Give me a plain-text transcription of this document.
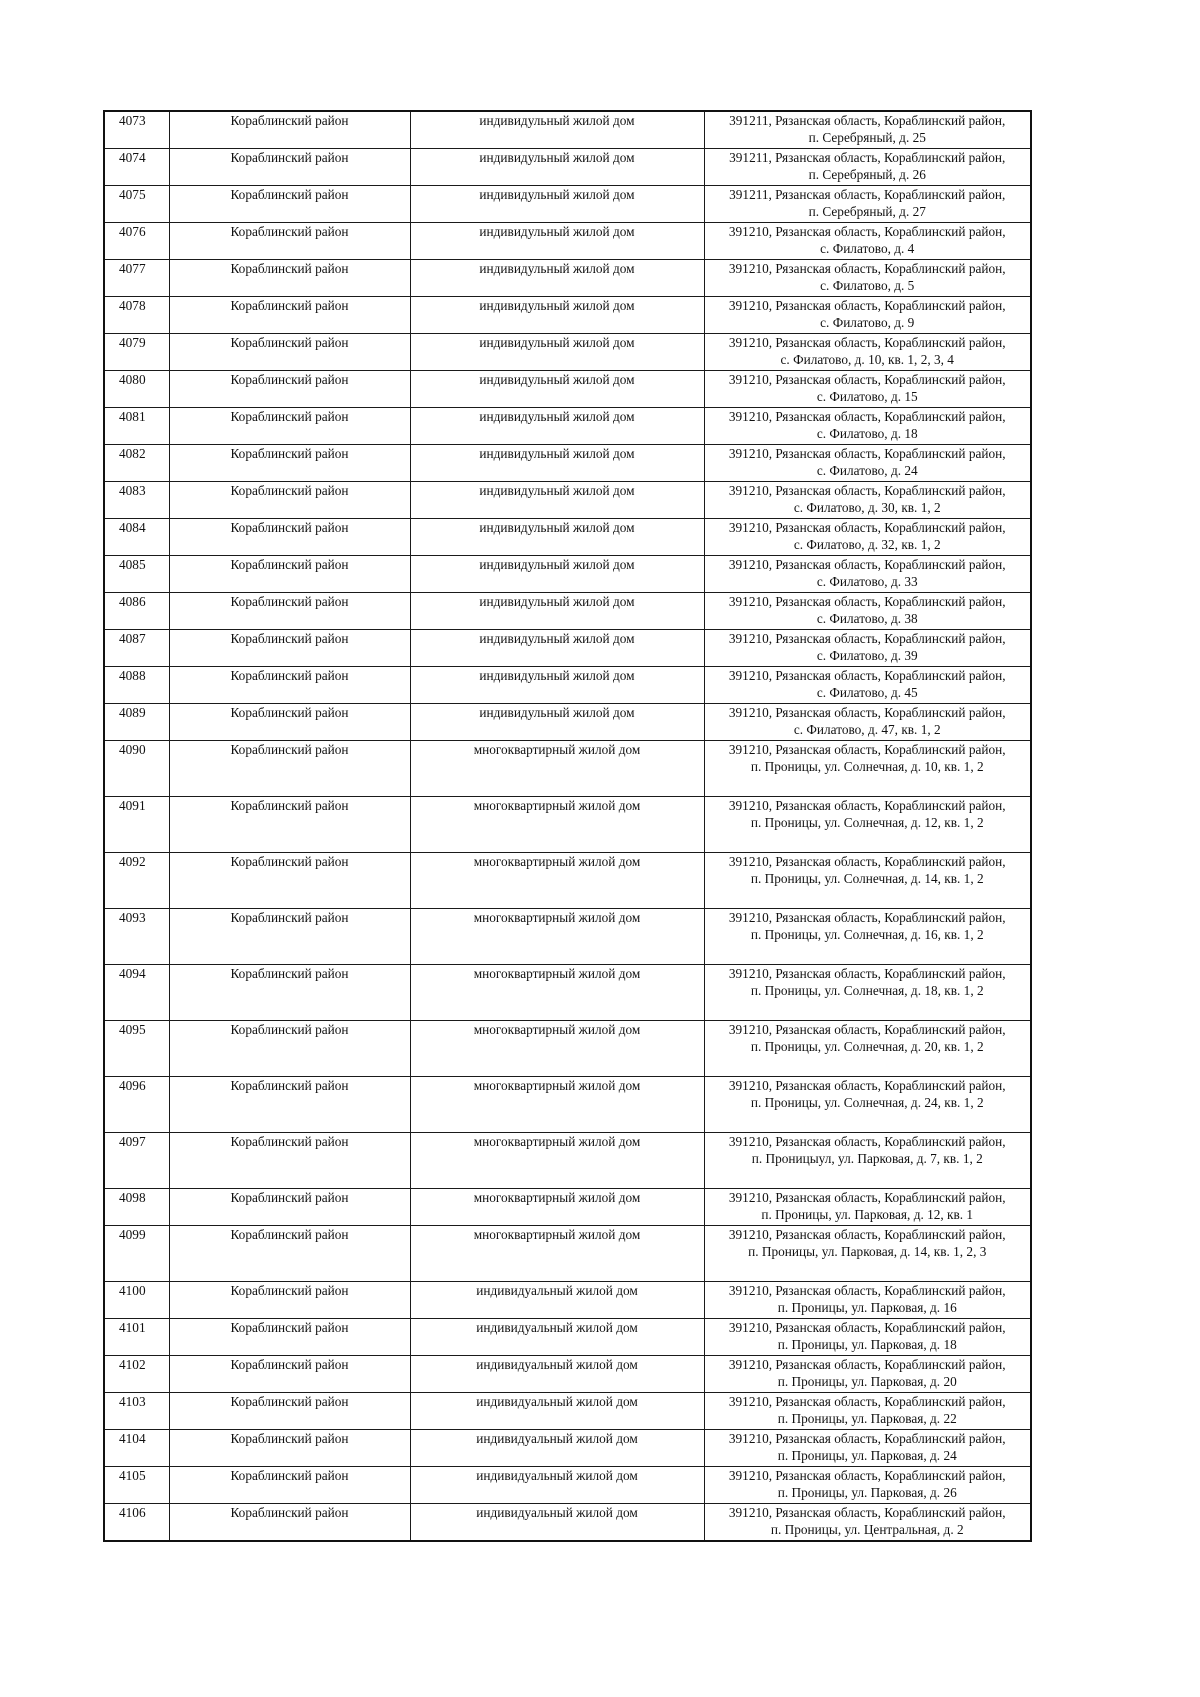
4073	Кораблинский район	индивидульный жилой дом	391211, Рязанская область, Кораблинский район,
п. Серебряный, д. 25

4074	Кораблинский район	индивидульный жилой дом	391211, Рязанская область, Кораблинский район,
п. Серебряный, д. 26

4075	Кораблинский район	индивидульный жилой дом	391211, Рязанская область, Кораблинский район,
п. Серебряный, д. 27

4076	Кораблинский район	индивидульный жилой дом	391210, Рязанская область, Кораблинский район,
с. Филатово, д. 4

4077	Кораблинский район	индивидульный жилой дом	391210, Рязанская область, Кораблинский район,
с. Филатово, д. 5

4078	Кораблинский район	индивидульный жилой дом	391210, Рязанская область, Кораблинский район,
с. Филатово, д. 9

4079	Кораблинский район	индивидульный жилой дом	391210, Рязанская область, Кораблинский район,
с. Филатово, д. 10, кв. 1, 2, 3, 4

4080	Кораблинский район	индивидульный жилой дом	391210, Рязанская область, Кораблинский район,
с. Филатово, д. 15

4081	Кораблинский район	индивидульный жилой дом	391210, Рязанская область, Кораблинский район,
с. Филатово, д. 18

4082	Кораблинский район	индивидульный жилой дом	391210, Рязанская область, Кораблинский район,
с. Филатово, д. 24

4083	Кораблинский район	индивидульный жилой дом	391210, Рязанская область, Кораблинский район,
с. Филатово, д. 30, кв. 1, 2

4084	Кораблинский район	индивидульный жилой дом	391210, Рязанская область, Кораблинский район,
с. Филатово, д. 32, кв. 1, 2

4085	Кораблинский район	индивидульный жилой дом	391210, Рязанская область, Кораблинский район,
с. Филатово, д. 33

4086	Кораблинский район	индивидульный жилой дом	391210, Рязанская область, Кораблинский район,
с. Филатово, д. 38

4087	Кораблинский район	индивидульный жилой дом	391210, Рязанская область, Кораблинский район,
с. Филатово, д. 39

4088	Кораблинский район	индивидульный жилой дом	391210, Рязанская область, Кораблинский район,
с. Филатово, д. 45

4089	Кораблинский район	индивидульный жилой дом	391210, Рязанская область, Кораблинский район,
с. Филатово, д. 47, кв. 1, 2

4090	Кораблинский район	многоквартирный жилой дом	391210, Рязанская область, Кораблинский район,
п. Проницы, ул. Солнечная, д. 10, кв. 1, 2

4091	Кораблинский район	многоквартирный жилой дом	391210, Рязанская область, Кораблинский район,
п. Проницы, ул. Солнечная, д. 12, кв. 1, 2

4092	Кораблинский район	многоквартирный жилой дом	391210, Рязанская область, Кораблинский район,
п. Проницы, ул. Солнечная, д. 14, кв. 1, 2

4093	Кораблинский район	многоквартирный жилой дом	391210, Рязанская область, Кораблинский район,
п. Проницы, ул. Солнечная, д. 16, кв. 1, 2

4094	Кораблинский район	многоквартирный жилой дом	391210, Рязанская область, Кораблинский район,
п. Проницы, ул. Солнечная, д. 18, кв. 1, 2

4095	Кораблинский район	многоквартирный жилой дом	391210, Рязанская область, Кораблинский район,
п. Проницы, ул. Солнечная, д. 20, кв. 1, 2

4096	Кораблинский район	многоквартирный жилой дом	391210, Рязанская область, Кораблинский район,
п. Проницы, ул. Солнечная, д. 24, кв. 1, 2

4097	Кораблинский район	многоквартирный жилой дом	391210, Рязанская область, Кораблинский район,
п. Проницыул, ул. Парковая, д. 7, кв. 1, 2

4098	Кораблинский район	многоквартирный жилой дом	391210, Рязанская область, Кораблинский район,
п. Проницы, ул. Парковая, д. 12, кв. 1

4099	Кораблинский район	многоквартирный жилой дом	391210, Рязанская область, Кораблинский район,
п. Проницы, ул. Парковая, д. 14, кв. 1, 2, 3

4100	Кораблинский район	индивидуальный жилой дом	391210, Рязанская область, Кораблинский район,
п. Проницы, ул. Парковая, д. 16

4101	Кораблинский район	индивидуальный жилой дом	391210, Рязанская область, Кораблинский район,
п. Проницы, ул. Парковая, д. 18

4102	Кораблинский район	индивидуальный жилой дом	391210, Рязанская область, Кораблинский район,
п. Проницы, ул. Парковая, д. 20

4103	Кораблинский район	индивидуальный жилой дом	391210, Рязанская область, Кораблинский район,
п. Проницы, ул. Парковая, д. 22

4104	Кораблинский район	индивидуальный жилой дом	391210, Рязанская область, Кораблинский район,
п. Проницы, ул. Парковая, д. 24

4105	Кораблинский район	индивидуальный жилой дом	391210, Рязанская область, Кораблинский район,
п. Проницы, ул. Парковая, д. 26

4106	Кораблинский район	индивидуальный жилой дом	391210, Рязанская область, Кораблинский район,
п. Проницы, ул. Центральная, д. 2
